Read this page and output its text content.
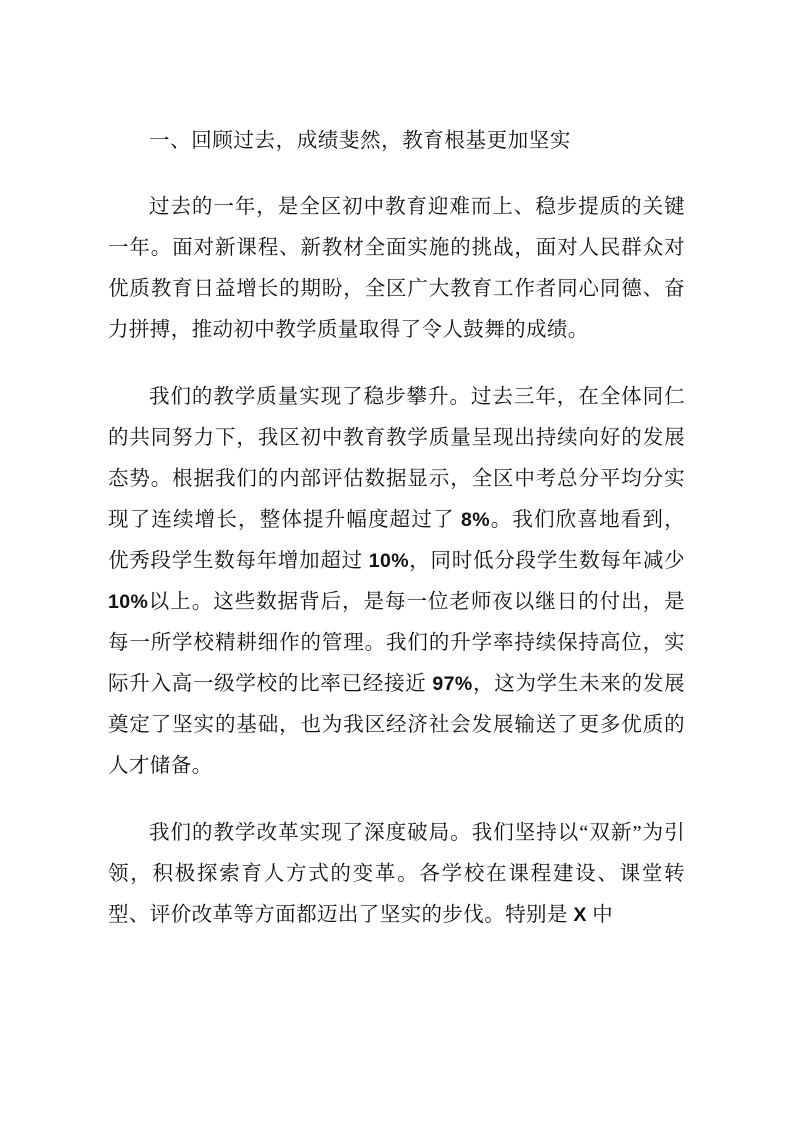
一、回顾过去，成绩斐然，教育根基更加坚实

过去的一年，是全区初中教育迎难而上、稳步提质的关键一年。面对新课程、新教材全面实施的挑战，面对人民群众对优质教育日益增长的期盼，全区广大教育工作者同心同德、奋力拼搏，推动初中教学质量取得了令人鼓舞的成绩。

我们的教学质量实现了稳步攀升。过去三年，在全体同仁的共同努力下，我区初中教育教学质量呈现出持续向好的发展态势。根据我们的内部评估数据显示，全区中考总分平均分实现了连续增长，整体提升幅度超过了 8%。我们欣喜地看到，优秀段学生数每年增加超过 10%，同时低分段学生数每年减少 10%以上。这些数据背后，是每一位老师夜以继日的付出，是每一所学校精耕细作的管理。我们的升学率持续保持高位，实际升入高一级学校的比率已经接近 97%，这为学生未来的发展奠定了坚实的基础，也为我区经济社会发展输送了更多优质的人才储备。

我们的教学改革实现了深度破局。我们坚持以“双新”为引领，积极探索育人方式的变革。各学校在课程建设、课堂转型、评价改革等方面都迈出了坚实的步伐。特别是 X 中
